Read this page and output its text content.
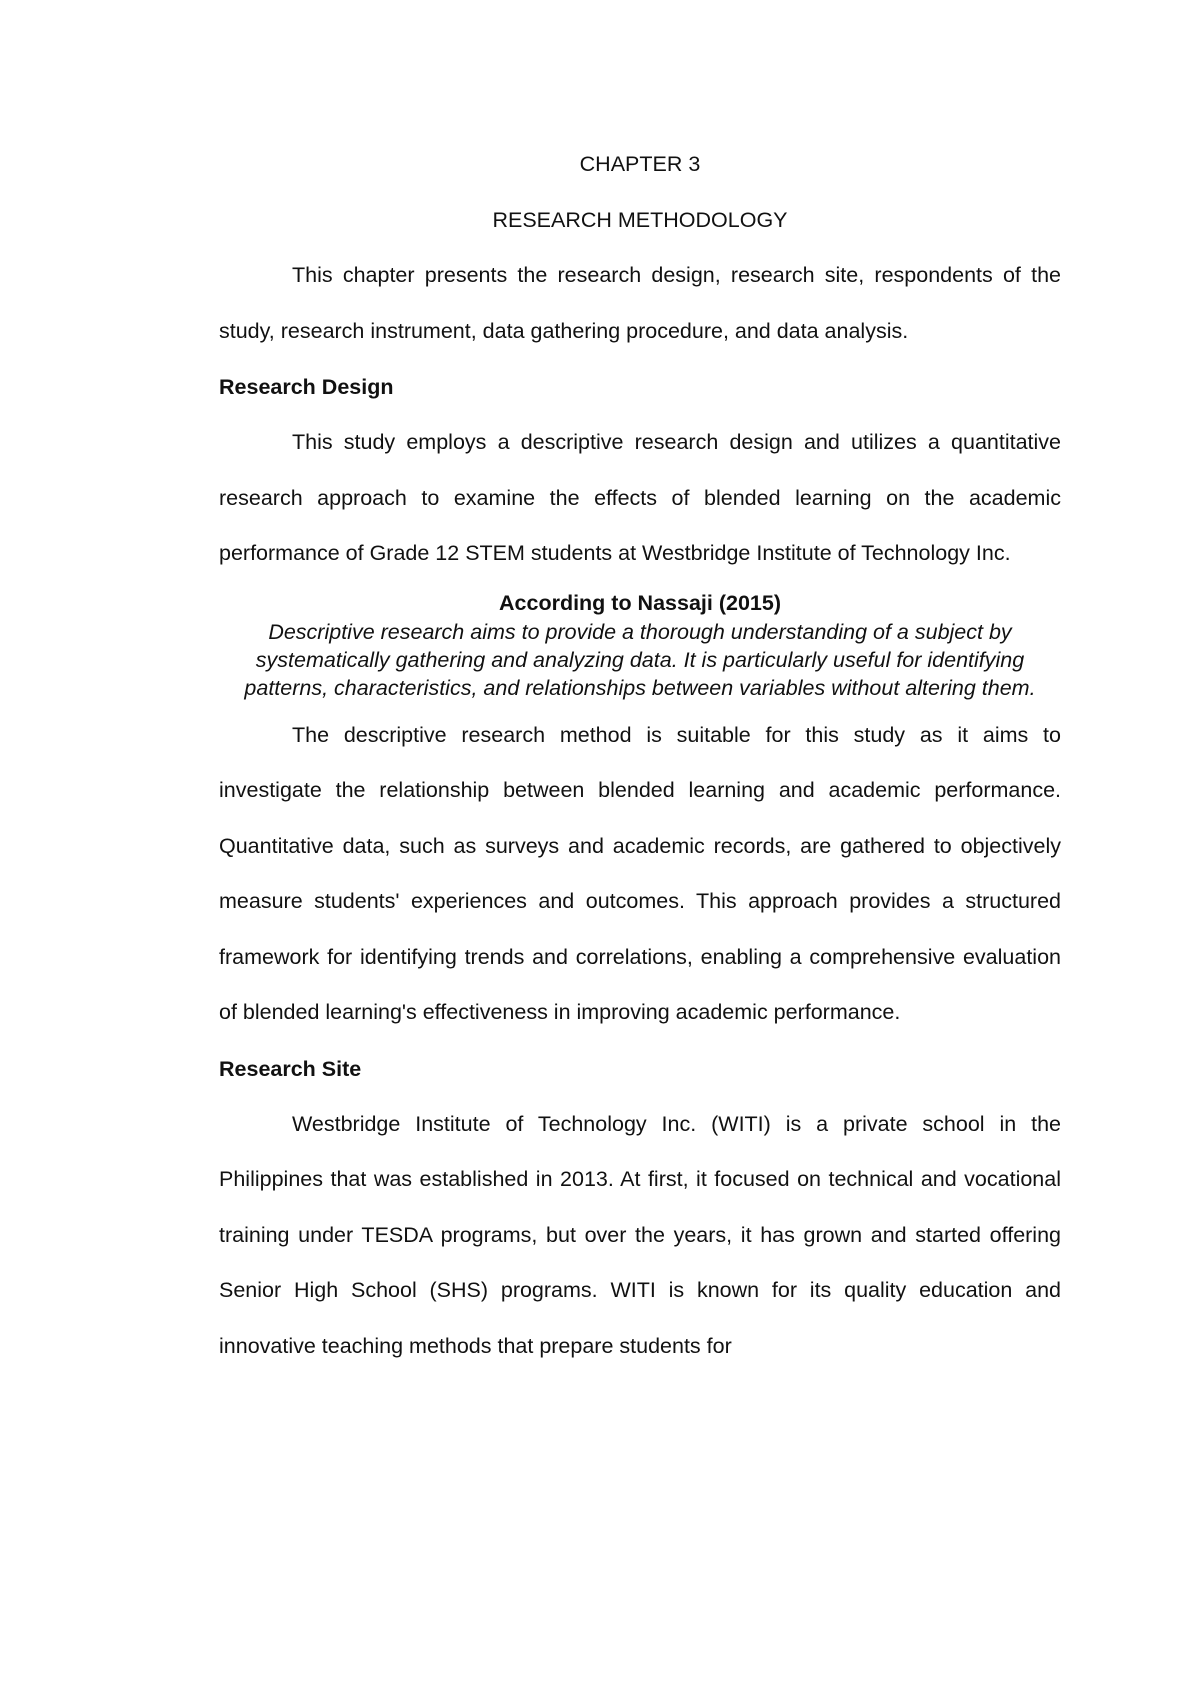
CHAPTER 3

RESEARCH METHODOLOGY

This chapter presents the research design, research site, respondents of the study, research instrument, data gathering procedure, and data analysis.

Research Design

This study employs a descriptive research design and utilizes a quantitative research approach to examine the effects of blended learning on the academic performance of Grade 12 STEM students at Westbridge Institute of Technology Inc.

According to Nassaji (2015)

Descriptive research aims to provide a thorough understanding of a subject by systematically gathering and analyzing data. It is particularly useful for identifying patterns, characteristics, and relationships between variables without altering them.

The descriptive research method is suitable for this study as it aims to investigate the relationship between blended learning and academic performance. Quantitative data, such as surveys and academic records, are gathered to objectively measure students' experiences and outcomes. This approach provides a structured framework for identifying trends and correlations, enabling a comprehensive evaluation of blended learning's effectiveness in improving academic performance.

Research Site

Westbridge Institute of Technology Inc. (WITI) is a private school in the Philippines that was established in 2013. At first, it focused on technical and vocational training under TESDA programs, but over the years, it has grown and started offering Senior High School (SHS) programs. WITI is known for its quality education and innovative teaching methods that prepare students for
